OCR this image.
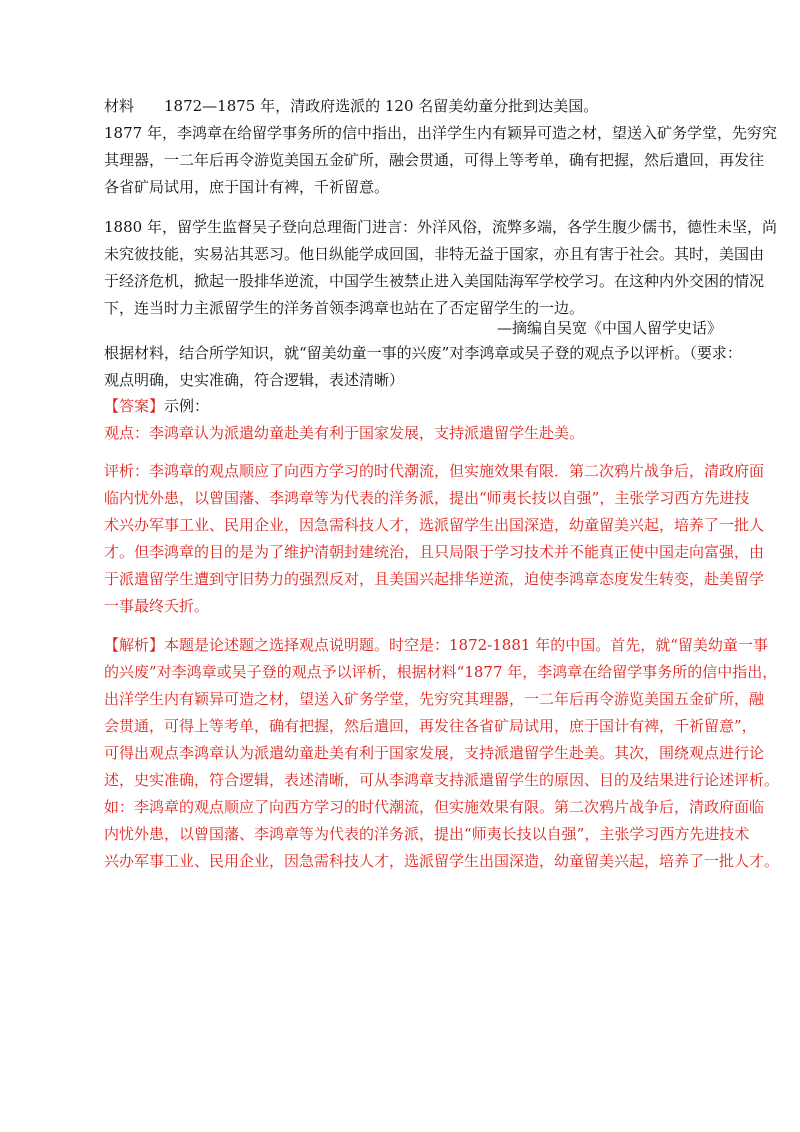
材料　　1872—1875 年，清政府选派的 120 名留美幼童分批到达美国。
1877 年，李鸿章在给留学事务所的信中指出，出洋学生内有颖异可造之材，望送入矿务学堂，先穷究
其理器，一二年后再令游览美国五金矿所，融会贯通，可得上等考单，确有把握，然后遣回，再发往
各省矿局试用，庶于国计有裨，千祈留意。
1880 年，留学生监督吴子登向总理衙门进言：外洋风俗，流弊多端，各学生腹少儒书，德性未坚，尚
未究彼技能，实易沾其恶习。他日纵能学成回国，非特无益于国家，亦且有害于社会。其时，美国由
于经济危机，掀起一股排华逆流，中国学生被禁止进入美国陆海军学校学习。在这种内外交困的情况
下，连当时力主派留学生的洋务首领李鸿章也站在了否定留学生的一边。
—摘编自吴宽《中国人留学史话》
根据材料，结合所学知识，就“留美幼童一事的兴废”对李鸿章或吴子登的观点予以评析。（要求：
观点明确，史实准确，符合逻辑，表述清晰）
【答案】示例：
观点：李鸿章认为派遣幼童赴美有利于国家发展，支持派遣留学生赴美。
评析：李鸿章的观点顺应了向西方学习的时代潮流，但实施效果有限．第二次鸦片战争后，清政府面
临内忧外患，以曾国藩、李鸿章等为代表的洋务派，提出“师夷长技以自强”，主张学习西方先进技
术兴办军事工业、民用企业，因急需科技人才，选派留学生出国深造，幼童留美兴起，培养了一批人
才。但李鸿章的目的是为了维护清朝封建统治，且只局限于学习技术并不能真正使中国走向富强，由
于派遣留学生遭到守旧势力的强烈反对，且美国兴起排华逆流，迫使李鸿章态度发生转变，赴美留学
一事最终夭折。
【解析】本题是论述题之选择观点说明题。时空是：1872-1881 年的中国。首先，就“留美幼童一事
的兴废”对李鸿章或吴子登的观点予以评析，根据材料“1877 年，李鸿章在给留学事务所的信中指出，
出洋学生内有颖异可造之材，望送入矿务学堂，先穷究其理器，一二年后再令游览美国五金矿所，融
会贯通，可得上等考单，确有把握，然后遣回，再发往各省矿局试用，庶于国计有裨，千祈留意”，
可得出观点李鸿章认为派遣幼童赴美有利于国家发展，支持派遣留学生赴美。其次，围绕观点进行论
述，史实准确，符合逻辑，表述清晰，可从李鸿章支持派遣留学生的原因、目的及结果进行论述评析。
如：李鸿章的观点顺应了向西方学习的时代潮流，但实施效果有限。第二次鸦片战争后，清政府面临
内忧外患，以曾国藩、李鸿章等为代表的洋务派，提出“师夷长技以自强”，主张学习西方先进技术
兴办军事工业、民用企业，因急需科技人才，选派留学生出国深造，幼童留美兴起，培养了一批人才。
